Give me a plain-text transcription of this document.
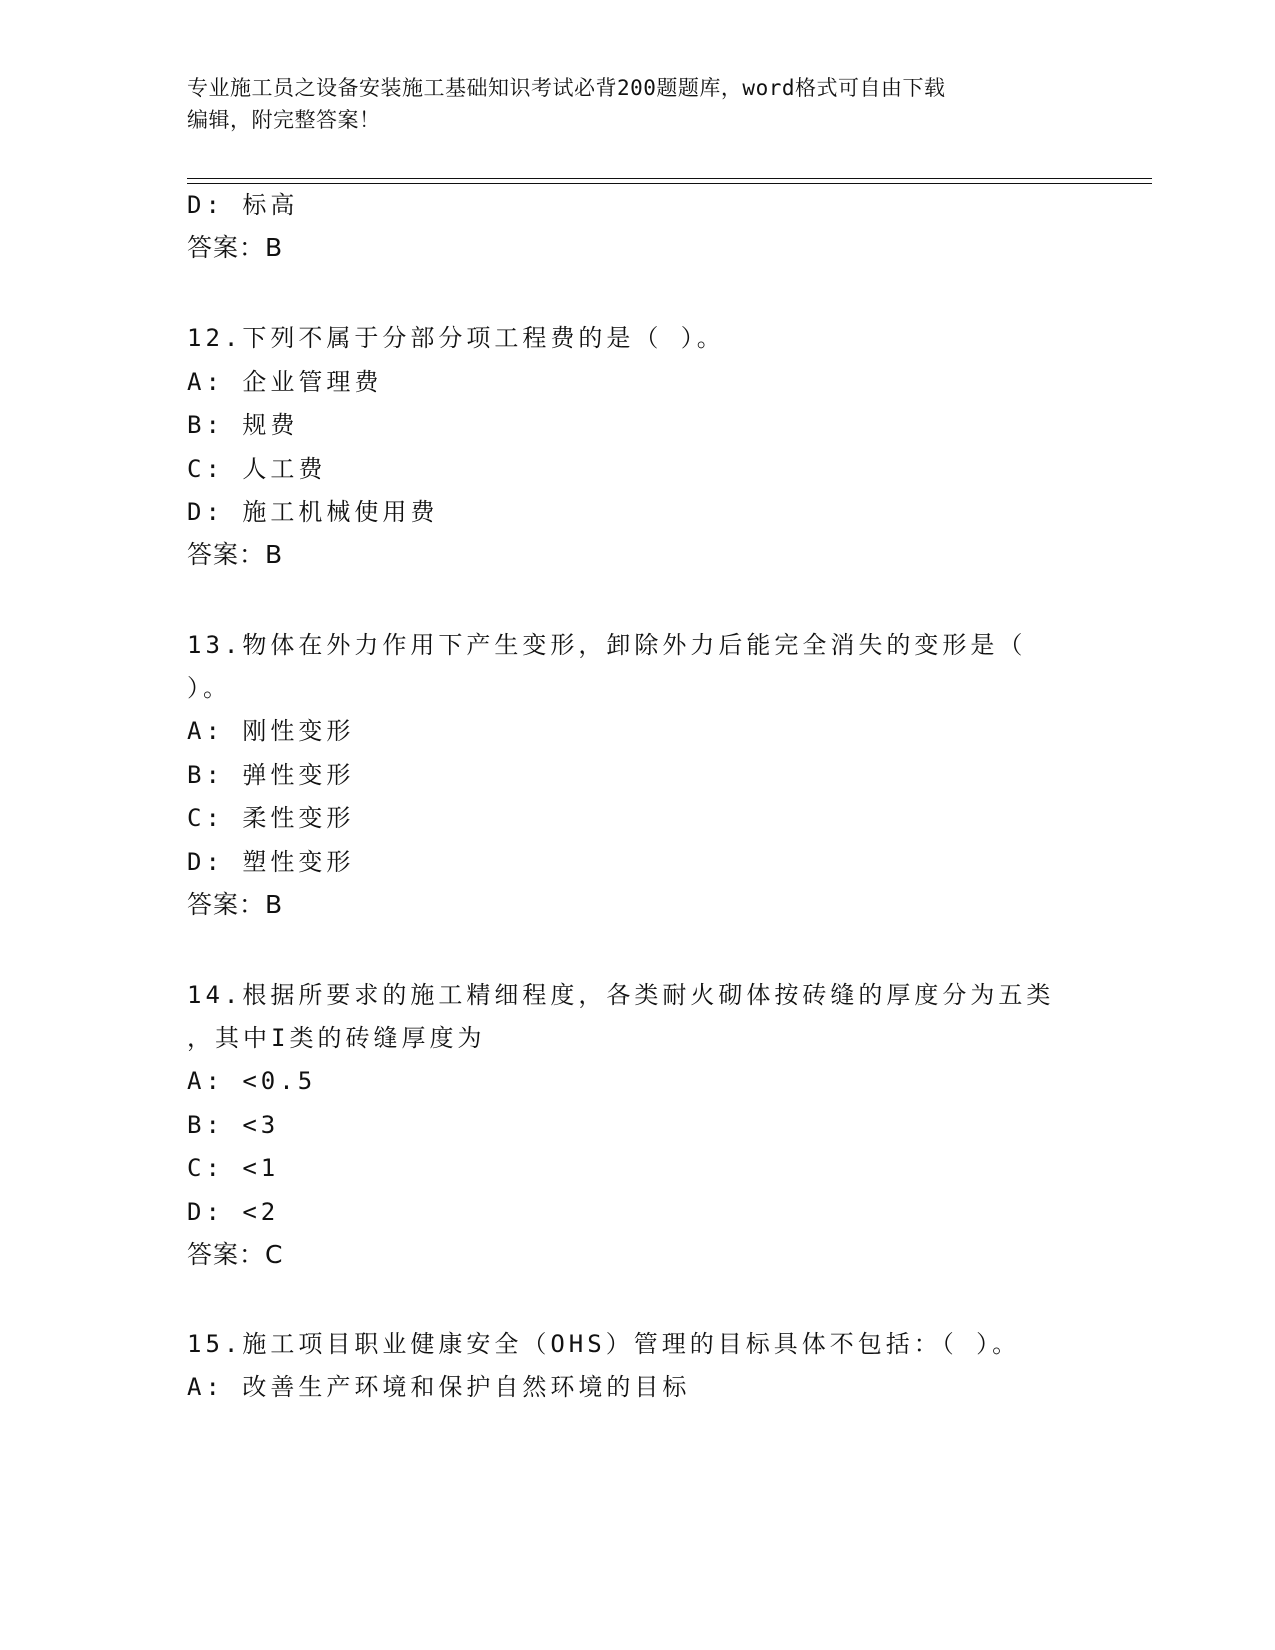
专业施工员之设备安装施工基础知识考试必背200题题库，word格式可自由下载
编辑，附完整答案！
D: 标高
答案：B
12.下列不属于分部分项工程费的是（ ）。
A: 企业管理费
B: 规费
C: 人工费
D: 施工机械使用费
答案：B
13.物体在外力作用下产生变形，卸除外力后能完全消失的变形是（
）。
A: 刚性变形
B: 弹性变形
C: 柔性变形
D: 塑性变形
答案：B
14.根据所要求的施工精细程度，各类耐火砌体按砖缝的厚度分为五类
，其中I类的砖缝厚度为
A: <0.5
B: <3
C: <1
D: <2
答案：C
15.施工项目职业健康安全（OHS）管理的目标具体不包括：（ ）。
A: 改善生产环境和保护自然环境的目标
